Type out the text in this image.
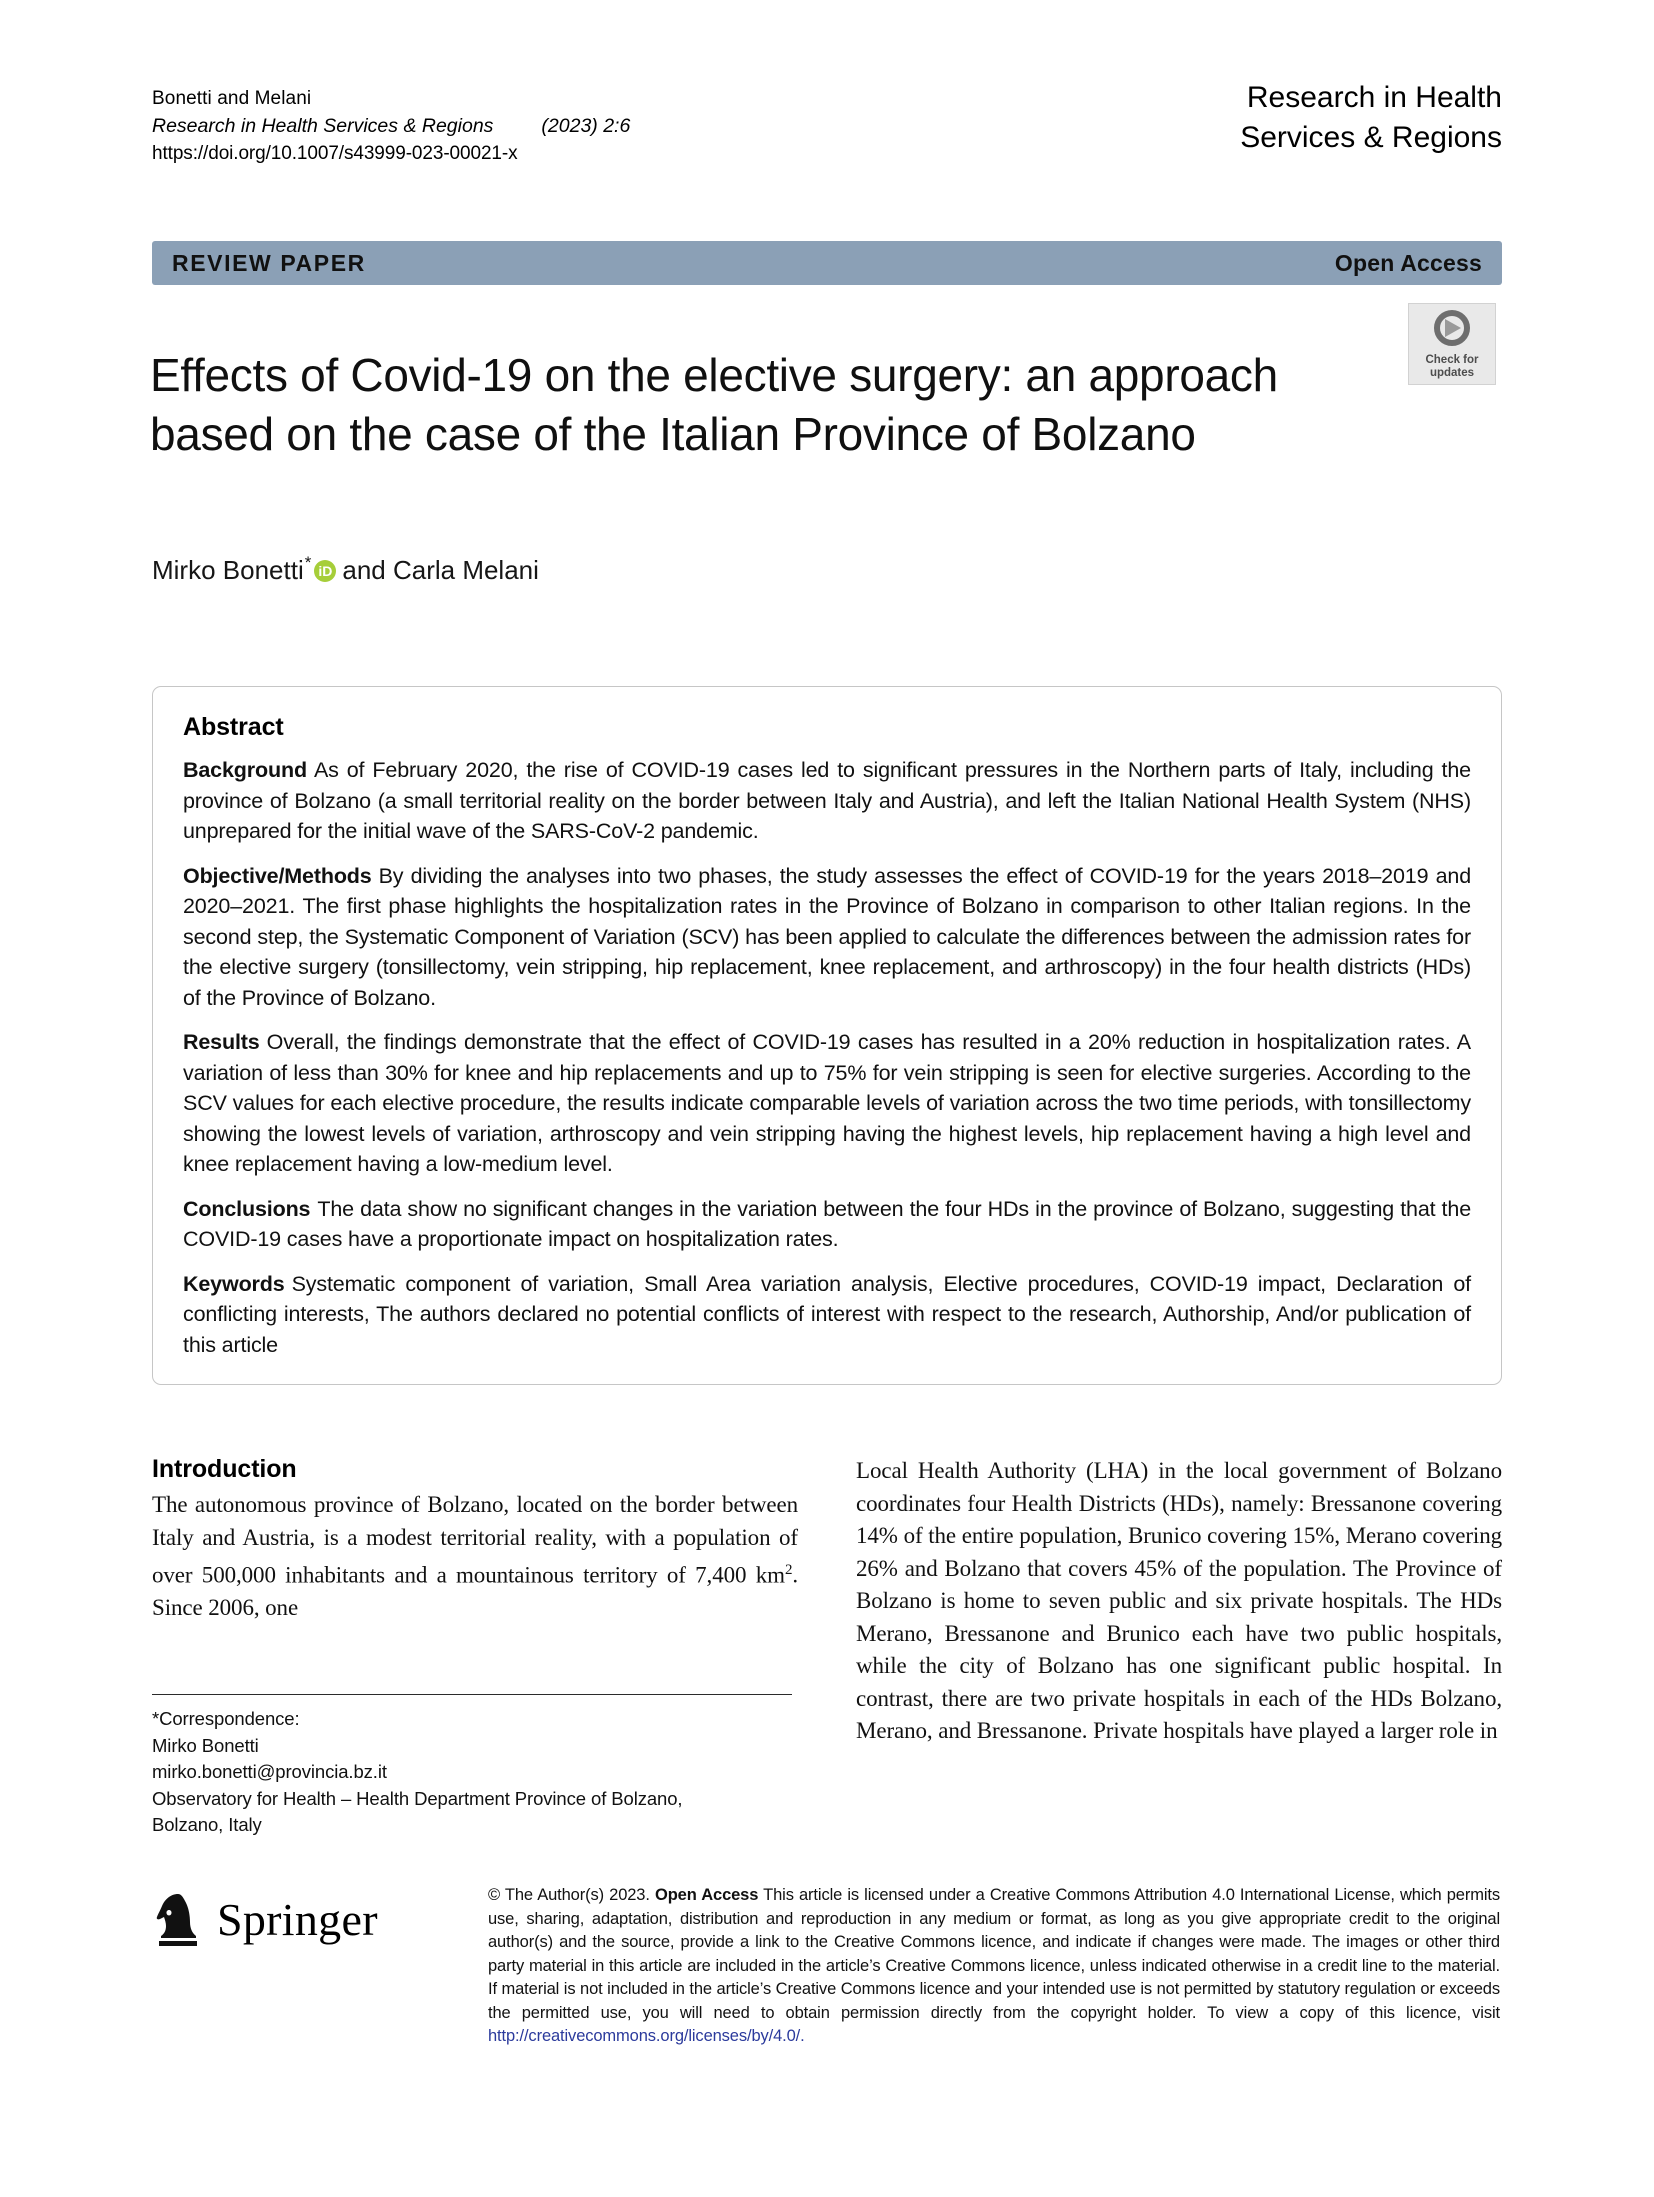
Bonetti and Melani
Research in Health Services & Regions (2023) 2:6
https://doi.org/10.1007/s43999-023-00021-x
Research in Health
Services & Regions
REVIEW PAPER	Open Access
Effects of Covid-19 on the elective surgery: an approach based on the case of the Italian Province of Bolzano
Check for
updates
Mirko Bonetti * iD and Carla Melani
Abstract

Background As of February 2020, the rise of COVID-19 cases led to significant pressures in the Northern parts of Italy, including the province of Bolzano (a small territorial reality on the border between Italy and Austria), and left the Italian National Health System (NHS) unprepared for the initial wave of the SARS-CoV-2 pandemic.

Objective/Methods By dividing the analyses into two phases, the study assesses the effect of COVID-19 for the years 2018–2019 and 2020–2021. The first phase highlights the hospitalization rates in the Province of Bolzano in comparison to other Italian regions. In the second step, the Systematic Component of Variation (SCV) has been applied to calculate the differences between the admission rates for the elective surgery (tonsillectomy, vein stripping, hip replacement, knee replacement, and arthroscopy) in the four health districts (HDs) of the Province of Bolzano.

Results Overall, the findings demonstrate that the effect of COVID-19 cases has resulted in a 20% reduction in hospitalization rates. A variation of less than 30% for knee and hip replacements and up to 75% for vein stripping is seen for elective surgeries. According to the SCV values for each elective procedure, the results indicate comparable levels of variation across the two time periods, with tonsillectomy showing the lowest levels of variation, arthroscopy and vein stripping having the highest levels, hip replacement having a high level and knee replacement having a low-medium level.

Conclusions The data show no significant changes in the variation between the four HDs in the province of Bolzano, suggesting that the COVID-19 cases have a proportionate impact on hospitalization rates.

Keywords Systematic component of variation, Small Area variation analysis, Elective procedures, COVID-19 impact, Declaration of conflicting interests, The authors declared no potential conflicts of interest with respect to the research, Authorship, And/or publication of this article

Introduction

The autonomous province of Bolzano, located on the border between Italy and Austria, is a modest territorial reality, with a population of over 500,000 inhabitants and a mountainous territory of 7,400 $km^2$. Since 2006, one

Local Health Authority (LHA) in the local government of Bolzano coordinates four Health Districts (HDs), namely: Bressanone covering 14% of the entire population, Brunico covering 15%, Merano covering 26% and Bolzano that covers 45% of the population. The Province of Bolzano is home to seven public and six private hospitals. The HDs Merano, Bressanone and Brunico each have two public hospitals, while the city of Bolzano has one significant public hospital. In contrast, there are two private hospitals in each of the HDs Bolzano, Merano, and Bressanone. Private hospitals have played a larger role in

*Correspondence:
Mirko Bonetti
mirko.bonetti@provincia.bz.it
Observatory for Health – Health Department Province of Bolzano,
Bolzano, Italy
Springer	© The Author(s) 2023. Open Access This article is licensed under a Creative Commons Attribution 4.0 International License, which permits use, sharing, adaptation, distribution and reproduction in any medium or format, as long as you give appropriate credit to the original author(s) and the source, provide a link to the Creative Commons licence, and indicate if changes were made. The images or other third party material in this article are included in the article’s Creative Commons licence, unless indicated otherwise in a credit line to the material. If material is not included in the article’s Creative Commons licence and your intended use is not permitted by statutory regulation or exceeds the permitted use, you will need to obtain permission directly from the copyright holder. To view a copy of this licence, visit http://creativecommons.org/licenses/by/4.0/.
